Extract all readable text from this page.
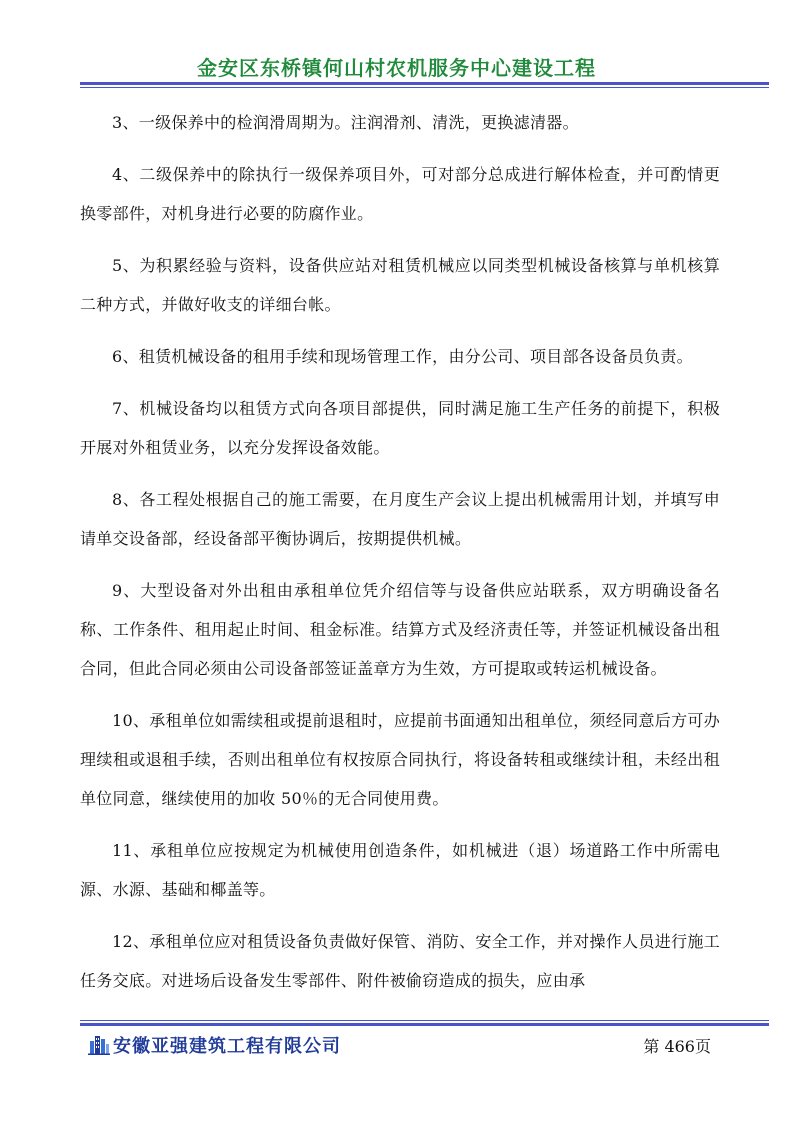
金安区东桥镇何山村农机服务中心建设工程

3、一级保养中的检润滑周期为。注润滑剂、清洗，更换滤清器。

4、二级保养中的除执行一级保养项目外，可对部分总成进行解体检查，并可酌情更换零部件，对机身进行必要的防腐作业。

5、为积累经验与资料，设备供应站对租赁机械应以同类型机械设备核算与单机核算二种方式，并做好收支的详细台帐。

6、租赁机械设备的租用手续和现场管理工作，由分公司、项目部各设备员负责。

7、机械设备均以租赁方式向各项目部提供，同时满足施工生产任务的前提下，积极开展对外租赁业务，以充分发挥设备效能。

8、各工程处根据自己的施工需要，在月度生产会议上提出机械需用计划，并填写申请单交设备部，经设备部平衡协调后，按期提供机械。

9、大型设备对外出租由承租单位凭介绍信等与设备供应站联系，双方明确设备名称、工作条件、租用起止时间、租金标准。结算方式及经济责任等，并签证机械设备出租合同，但此合同必须由公司设备部签证盖章方为生效，方可提取或转运机械设备。

10、承租单位如需续租或提前退租时，应提前书面通知出租单位，须经同意后方可办理续租或退租手续，否则出租单位有权按原合同执行，将设备转租或继续计租，未经出租单位同意，继续使用的加收 50％的无合同使用费。

11、承租单位应按规定为机械使用创造条件，如机械进（退）场道路工作中所需电源、水源、基础和椰盖等。

12、承租单位应对租赁设备负责做好保管、消防、安全工作，并对操作人员进行施工任务交底。对进场后设备发生零部件、附件被偷窃造成的损失，应由承

安徽亚强建筑工程有限公司	第 466页
